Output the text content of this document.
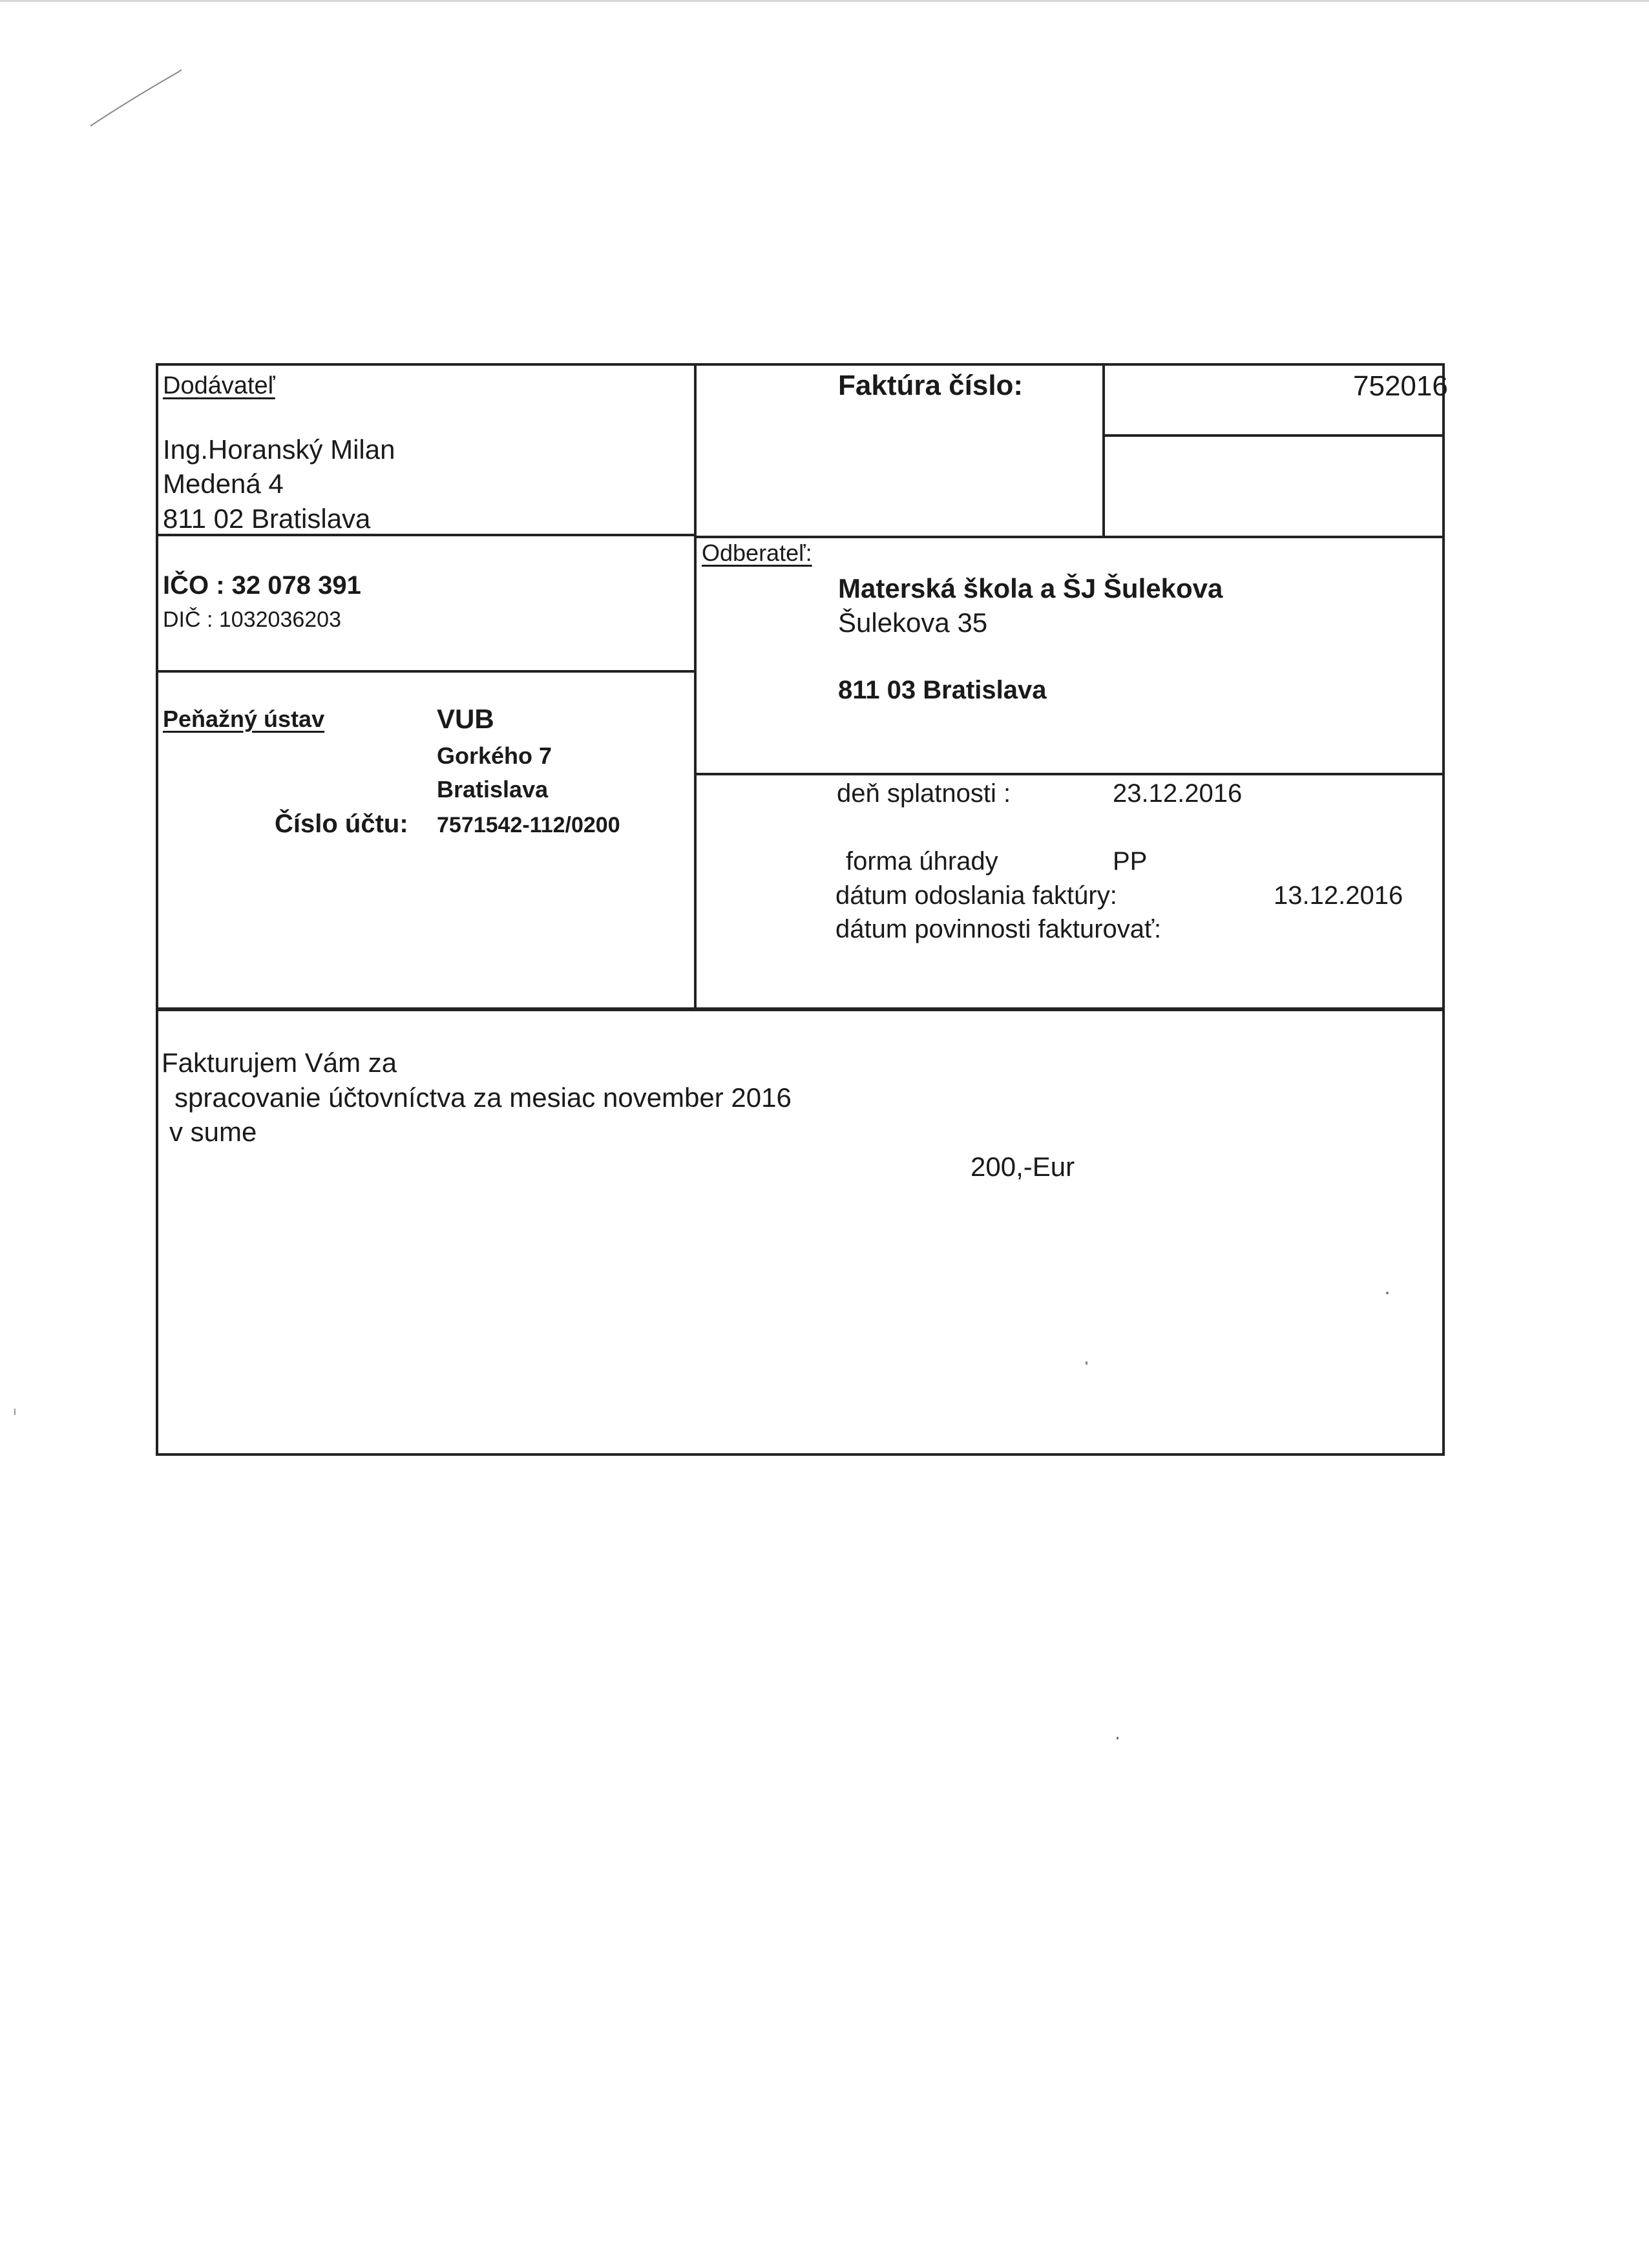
Dodávateľ
Ing.Horanský Milan
Medená 4
811 02 Bratislava
IČO : 32 078 391
DIČ : 1032036203
Peňažný ústav	VUB
Gorkého 7
Bratislava
Číslo účtu: 7571542-112/0200
Faktúra číslo:	752016
Odberateľ:
Materská škola a ŠJ Šulekova
Šulekova 35
811 03 Bratislava
deň splatnosti :	23.12.2016
forma úhrady	PP
dátum odoslania faktúry:	13.12.2016
dátum povinnosti fakturovať:
Fakturujem Vám za
spracovanie účtovníctva za mesiac november 2016
v sume
200,-Eur
